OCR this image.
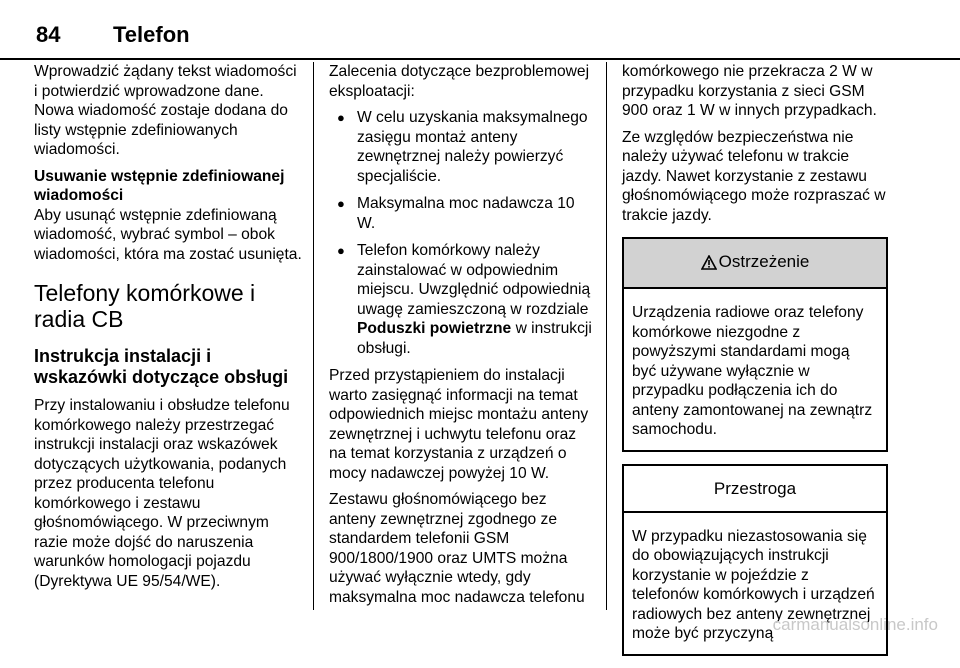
84 Telefon

Wprowadzić żądany tekst wiadomości i potwierdzić wprowadzone dane. Nowa wiadomość zostaje dodana do listy wstępnie zdefiniowanych wiadomości.

Usuwanie wstępnie zdefiniowanej wiadomości

Aby usunąć wstępnie zdefiniowaną wiadomość, wybrać symbol – obok wiadomości, która ma zostać usunięta.

Telefony komórkowe i radia CB
Instrukcja instalacji i wskazówki dotyczące obsługi

Przy instalowaniu i obsłudze telefonu komórkowego należy przestrzegać instrukcji instalacji oraz wskazówek dotyczących użytkowania, podanych przez producenta telefonu komórkowego i zestawu głośnomówiącego. W przeciwnym razie może dojść do naruszenia warunków homologacji pojazdu (Dyrektywa UE 95/54/WE).

Zalecenia dotyczące bezproblemowej eksploatacji:

● W celu uzyskania maksymalnego zasięgu montaż anteny zewnętrznej należy powierzyć specjaliście.
● Maksymalna moc nadawcza 10 W.
● Telefon komórkowy należy zainstalować w odpowiednim miejscu. Uwzględnić odpowiednią uwagę zamieszczoną w rozdziale Poduszki powietrzne w instrukcji obsługi.

Przed przystąpieniem do instalacji warto zasięgnąć informacji na temat odpowiednich miejsc montażu anteny zewnętrznej i uchwytu telefonu oraz na temat korzystania z urządzeń o mocy nadawczej powyżej 10 W.

Zestawu głośnomówiącego bez anteny zewnętrznej zgodnego ze standardem telefonii GSM 900/1800/1900 oraz UMTS można używać wyłącznie wtedy, gdy maksymalna moc nadawcza telefonu

komórkowego nie przekracza 2 W w przypadku korzystania z sieci GSM 900 oraz 1 W w innych przypadkach.

Ze względów bezpieczeństwa nie należy używać telefonu w trakcie jazdy. Nawet korzystanie z zestawu głośnomówiącego może rozpraszać w trakcie jazdy.

Ostrzeżenie
Urządzenia radiowe oraz telefony komórkowe niezgodne z powyższymi standardami mogą być używane wyłącznie w przypadku podłączenia ich do anteny zamontowanej na zewnątrz samochodu.
Przestroga
W przypadku niezastosowania się do obowiązujących instrukcji korzystanie w pojeździe z telefonów komórkowych i urządzeń radiowych bez anteny zewnętrznej może być przyczyną carmanualsonline.info
